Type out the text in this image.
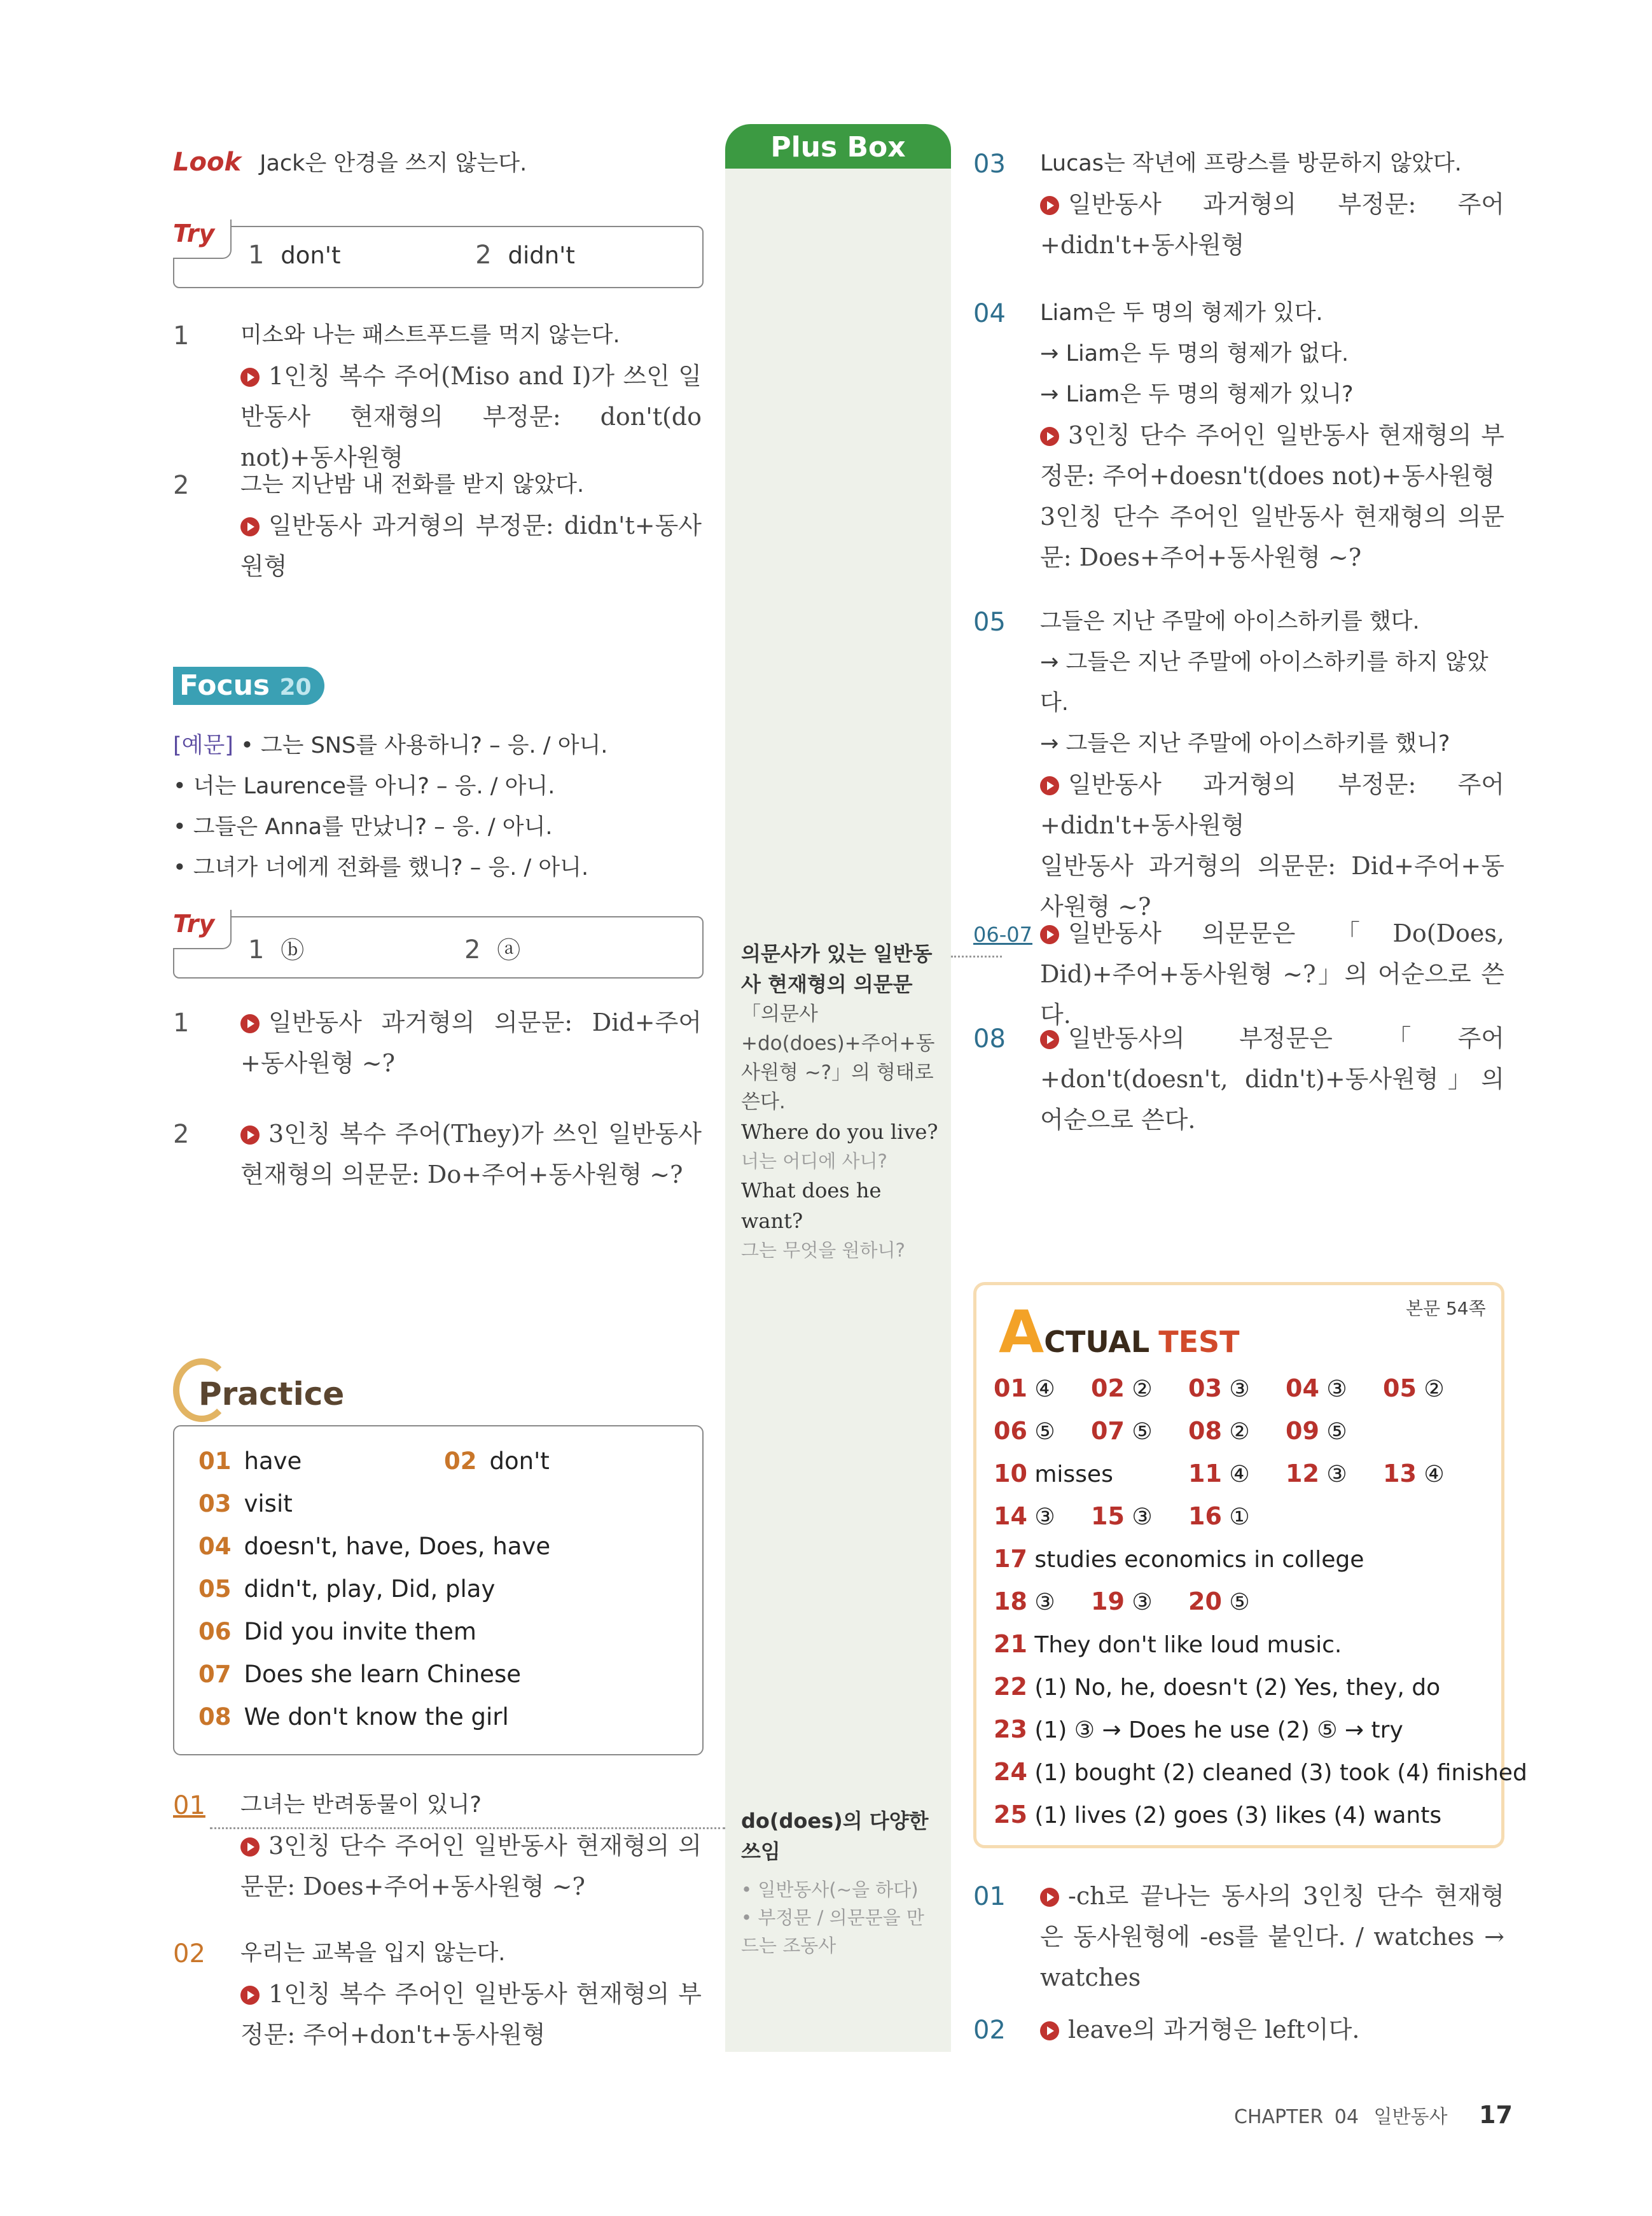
Look Jack은 안경을 쓰지 않는다.
Try
1 don't	2 didn't
1 미소와 나는 패스트푸드를 먹지 않는다.
1인칭 복수 주어(Miso and I)가 쓰인 일반동사 현재형의 부정문: don't(do not)+동사원형
2 그는 지난밤 내 전화를 받지 않았다.
일반동사 과거형의 부정문: didn't+동사원형
Focus 20
[예문] • 그는 SNS를 사용하니? – 응. / 아니.
• 너는 Laurence를 아니? – 응. / 아니.
• 그들은 Anna를 만났니? – 응. / 아니.
• 그녀가 너에게 전화를 했니? – 응. / 아니.
Try
1 ⓑ	2 ⓐ
1	일반동사 과거형의 의문문: Did+주어+동사원형 ~?
2	3인칭 복수 주어(They)가 쓰인 일반동사 현재형의 의문문: Do+주어+동사원형 ~?
Practice
01 have	02 don't
03 visit
04 doesn't, have, Does, have
05 didn't, play, Did, play
06 Did you invite them
07 Does she learn Chinese
08 We don't know the girl
01 그녀는 반려동물이 있니?
3인칭 단수 주어인 일반동사 현재형의 의문문: Does+주어+동사원형 ~?
02 우리는 교복을 입지 않는다.
1인칭 복수 주어인 일반동사 현재형의 부정문: 주어+don't+동사원형
Plus Box
의문사가 있는 일반동사 현재형의 의문문
「의문사+do(does)+주어+동사원형 ~?」의 형태로 쓴다.
Where do you live?
너는 어디에 사니?
What does he want?
그는 무엇을 원하니?
do(does)의 다양한 쓰임
• 일반동사(~을 하다)
• 부정문 / 의문문을 만드는 조동사
03 Lucas는 작년에 프랑스를 방문하지 않았다.
일반동사 과거형의 부정문: 주어+didn't+동사원형
04 Liam은 두 명의 형제가 있다.
→ Liam은 두 명의 형제가 없다.
→ Liam은 두 명의 형제가 있니?
3인칭 단수 주어인 일반동사 현재형의 부정문: 주어+doesn't(does not)+동사원형
3인칭 단수 주어인 일반동사 현재형의 의문문: Does+주어+동사원형 ~?
05 그들은 지난 주말에 아이스하키를 했다.
→ 그들은 지난 주말에 아이스하키를 하지 않았다.
→ 그들은 지난 주말에 아이스하키를 했니?
일반동사 과거형의 부정문: 주어+didn't+동사원형
일반동사 과거형의 의문문: Did+주어+동사원형 ~?
06-07	일반동사 의문문은 「Do(Does, Did)+주어+동사원형 ~?」의 어순으로 쓴다.
08	일반동사의 부정문은 「주어+don't(doesn't, didn't)+동사원형」의 어순으로 쓴다.
본문 54쪽
ACTUAL TEST
01 ④ 02 ② 03 ③ 04 ③ 05 ②
06 ⑤ 07 ⑤ 08 ② 09 ⑤
10 misses	11 ④ 12 ③ 13 ④
14 ③ 15 ③ 16 ①
17 studies economics in college
18 ③ 19 ③ 20 ⑤
21 They don't like loud music.
22 (1) No, he, doesn't (2) Yes, they, do
23 (1) ③ → Does he use (2) ⑤ → try
24 (1) bought (2) cleaned (3) took (4) finished
25 (1) lives (2) goes (3) likes (4) wants
01	-ch로 끝나는 동사의 3인칭 단수 현재형은 동사원형에 -es를 붙인다. / watches → watches
02	leave의 과거형은 left이다.
CHAPTER 04 일반동사 17
